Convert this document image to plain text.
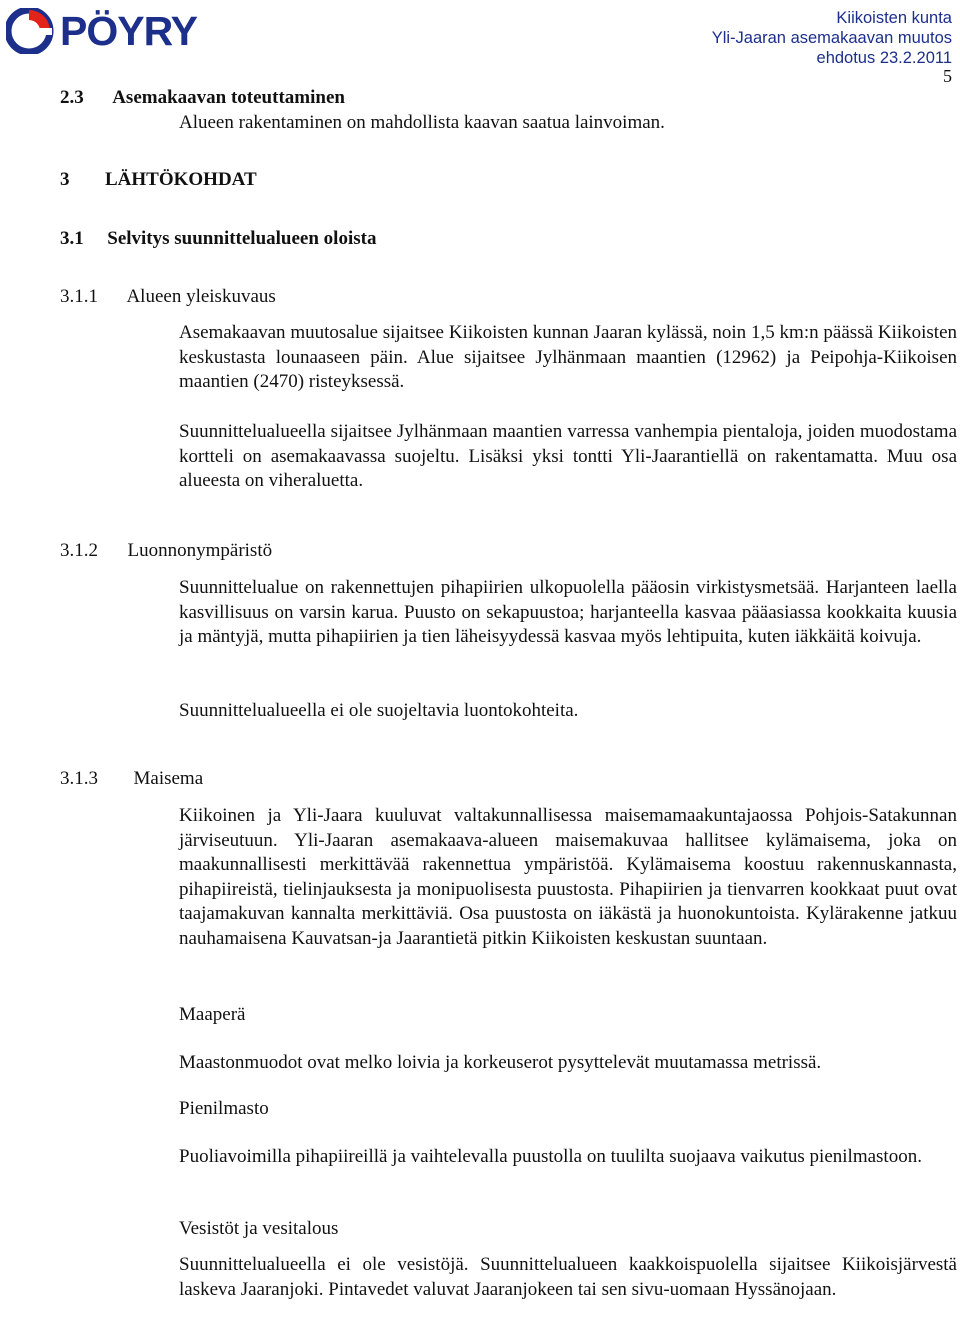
PÖYRY	Kiikoisten kunta
Yli-Jaaran asemakaavan muutos
ehdotus 23.2.2011
5
2.3 Asemakaavan toteuttaminen
Alueen rakentaminen on mahdollista kaavan saatua lainvoiman.
3 LÄHTÖKOHDAT
3.1 Selvitys suunnittelualueen oloista
3.1.1 Alueen yleiskuvaus
Asemakaavan muutosalue sijaitsee Kiikoisten kunnan Jaaran kylässä, noin 1,5 km:n päässä Kiikoisten keskustasta lounaaseen päin. Alue sijaitsee Jylhänmaan maantien (12962) ja Peipohja-Kiikoisen maantien (2470) risteyksessä.
Suunnittelualueella sijaitsee Jylhänmaan maantien varressa vanhempia pientaloja, joiden muodostama kortteli on asemakaavassa suojeltu. Lisäksi yksi tontti Yli-Jaarantiellä on rakentamatta. Muu osa alueesta on viheraluetta.
3.1.2 Luonnonympäristö
Suunnittelualue on rakennettujen pihapiirien ulkopuolella pääosin virkistysmetsää. Harjanteen laella kasvillisuus on varsin karua. Puusto on sekapuustoa; harjanteella kasvaa pääasiassa kookkaita kuusia ja mäntyjä, mutta pihapiirien ja tien läheisyydessä kasvaa myös lehtipuita, kuten iäkkäitä koivuja.
Suunnittelualueella ei ole suojeltavia luontokohteita.
3.1.3 Maisema
Kiikoinen ja Yli-Jaara kuuluvat valtakunnallisessa maisemamaakuntajaossa Pohjois-Satakunnan järviseutuun. Yli-Jaaran asemakaava-alueen maisemakuvaa hallitsee kylämaisema, joka on maakunnallisesti merkittävää rakennettua ympäristöä. Kylämaisema koostuu rakennuskannasta, pihapiireistä, tielinjauksesta ja monipuolisesta puustosta. Pihapiirien ja tienvarren kookkaat puut ovat taajamakuvan kannalta merkittäviä. Osa puustosta on iäkästä ja huonokuntoista. Kylärakenne jatkuu nauhamaisena Kauvatsan-ja Jaarantietä pitkin Kiikoisten keskustan suuntaan.
Maaperä
Maastonmuodot ovat melko loivia ja korkeuserot pysyttelevät muutamassa metrissä.
Pienilmasto
Puoliavoimilla pihapiireillä ja vaihtelevalla puustolla on tuulilta suojaava vaikutus pienilmastoon.
Vesistöt ja vesitalous
Suunnittelualueella ei ole vesistöjä. Suunnittelualueen kaakkoispuolella sijaitsee Kiikoisjärvestä laskeva Jaaranjoki. Pintavedet valuvat Jaaranjokeen tai sen sivu-uomaan Hyssänojaan.
